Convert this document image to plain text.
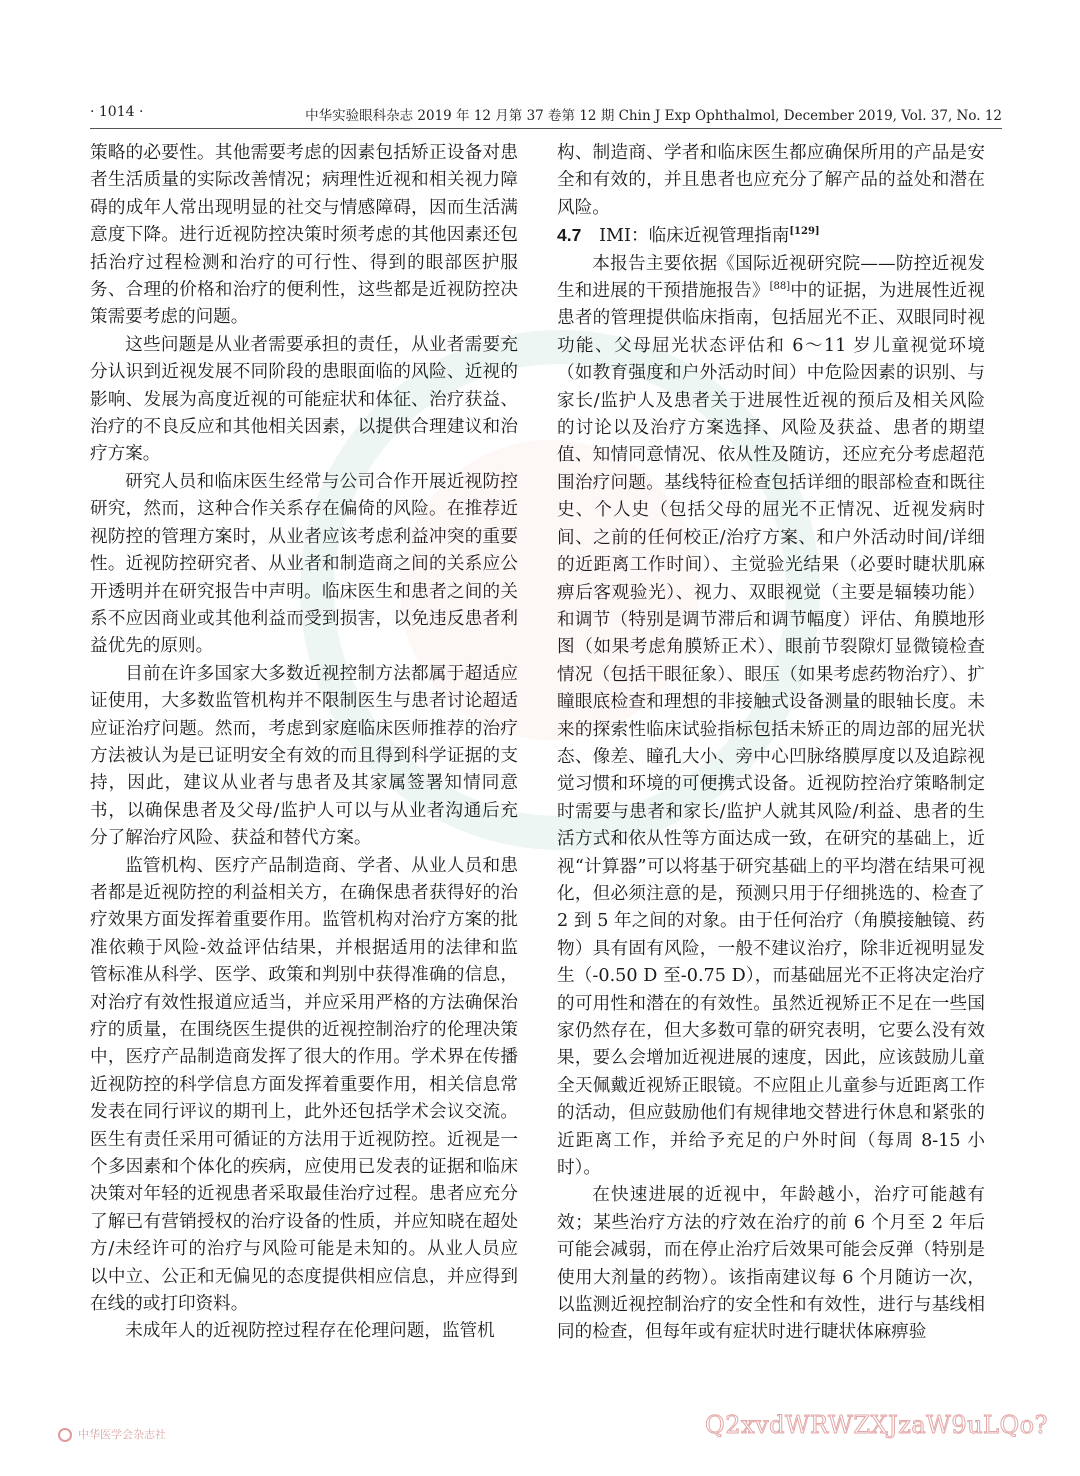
· 1014 ·	中华实验眼科杂志 2019 年 12 月第 37 卷第 12 期 Chin J Exp Ophthalmol, December 2019, Vol. 37, No. 12

策略的必要性。其他需要考虑的因素包括矫正设备对患者生活质量的实际改善情况；病理性近视和相关视力障碍的成年人常出现明显的社交与情感障碍，因而生活满意度下降。进行近视防控决策时须考虑的其他因素还包括治疗过程检测和治疗的可行性、得到的眼部医护服务、合理的价格和治疗的便利性，这些都是近视防控决策需要考虑的问题。

这些问题是从业者需要承担的责任，从业者需要充分认识到近视发展不同阶段的患眼面临的风险、近视的影响、发展为高度近视的可能症状和体征、治疗获益、治疗的不良反应和其他相关因素，以提供合理建议和治疗方案。

研究人员和临床医生经常与公司合作开展近视防控研究，然而，这种合作关系存在偏倚的风险。在推荐近视防控的管理方案时，从业者应该考虑利益冲突的重要性。近视防控研究者、从业者和制造商之间的关系应公开透明并在研究报告中声明。临床医生和患者之间的关系不应因商业或其他利益而受到损害，以免违反患者利益优先的原则。

目前在许多国家大多数近视控制方法都属于超适应证使用，大多数监管机构并不限制医生与患者讨论超适应证治疗问题。然而，考虑到家庭临床医师推荐的治疗方法被认为是已证明安全有效的而且得到科学证据的支持，因此，建议从业者与患者及其家属签署知情同意书，以确保患者及父母/监护人可以与从业者沟通后充分了解治疗风险、获益和替代方案。

监管机构、医疗产品制造商、学者、从业人员和患者都是近视防控的利益相关方，在确保患者获得好的治疗效果方面发挥着重要作用。监管机构对治疗方案的批准依赖于风险-效益评估结果，并根据适用的法律和监管标准从科学、医学、政策和判别中获得准确的信息，对治疗有效性报道应适当，并应采用严格的方法确保治疗的质量，在围绕医生提供的近视控制治疗的伦理决策中，医疗产品制造商发挥了很大的作用。学术界在传播近视防控的科学信息方面发挥着重要作用，相关信息常发表在同行评议的期刊上，此外还包括学术会议交流。医生有责任采用可循证的方法用于近视防控。近视是一个多因素和个体化的疾病，应使用已发表的证据和临床决策对年轻的近视患者采取最佳治疗过程。患者应充分了解已有营销授权的治疗设备的性质，并应知晓在超处方/未经许可的治疗与风险可能是未知的。从业人员应以中立、公正和无偏见的态度提供相应信息，并应得到在线的或打印资料。

未成年人的近视防控过程存在伦理问题，监管机

构、制造商、学者和临床医生都应确保所用的产品是安全和有效的，并且患者也应充分了解产品的益处和潜在风险。

4.7  IMI：临床近视管理指南[129]

本报告主要依据《国际近视研究院——防控近视发生和进展的干预措施报告》[88]中的证据，为进展性近视患者的管理提供临床指南，包括屈光不正、双眼同时视功能、父母屈光状态评估和 6～11 岁儿童视觉环境（如教育强度和户外活动时间）中危险因素的识别、与家长/监护人及患者关于进展性近视的预后及相关风险的讨论以及治疗方案选择、风险及获益、患者的期望值、知情同意情况、依从性及随访，还应充分考虑超范围治疗问题。基线特征检查包括详细的眼部检查和既往史、个人史（包括父母的屈光不正情况、近视发病时间、之前的任何校正/治疗方案、和户外活动时间/详细的近距离工作时间）、主觉验光结果（必要时睫状肌麻痹后客观验光）、视力、双眼视觉（主要是辐辏功能）和调节（特别是调节滞后和调节幅度）评估、角膜地形图（如果考虑角膜矫正术）、眼前节裂隙灯显微镜检查情况（包括干眼征象）、眼压（如果考虑药物治疗）、扩瞳眼底检查和理想的非接触式设备测量的眼轴长度。未来的探索性临床试验指标包括未矫正的周边部的屈光状态、像差、瞳孔大小、旁中心凹脉络膜厚度以及追踪视觉习惯和环境的可便携式设备。近视防控治疗策略制定时需要与患者和家长/监护人就其风险/利益、患者的生活方式和依从性等方面达成一致，在研究的基础上，近视“计算器”可以将基于研究基础上的平均潜在结果可视化，但必须注意的是，预测只用于仔细挑选的、检查了 2 到 5 年之间的对象。由于任何治疗（角膜接触镜、药物）具有固有风险，一般不建议治疗，除非近视明显发生（-0.50 D 至-0.75 D），而基础屈光不正将决定治疗的可用性和潜在的有效性。虽然近视矫正不足在一些国家仍然存在，但大多数可靠的研究表明，它要么没有效果，要么会增加近视进展的速度，因此，应该鼓励儿童全天佩戴近视矫正眼镜。不应阻止儿童参与近距离工作的活动，但应鼓励他们有规律地交替进行休息和紧张的近距离工作，并给予充足的户外时间（每周 8-15 小时）。

在快速进展的近视中，年龄越小，治疗可能越有效；某些治疗方法的疗效在治疗的前 6 个月至 2 年后可能会减弱，而在停止治疗后效果可能会反弹（特别是使用大剂量的药物）。该指南建议每 6 个月随访一次，以监测近视控制治疗的安全性和有效性，进行与基线相同的检查，但每年或有症状时进行睫状体麻痹验

中华医学会杂志社	Q2xvdWRWZXJzaW9uLQo?
